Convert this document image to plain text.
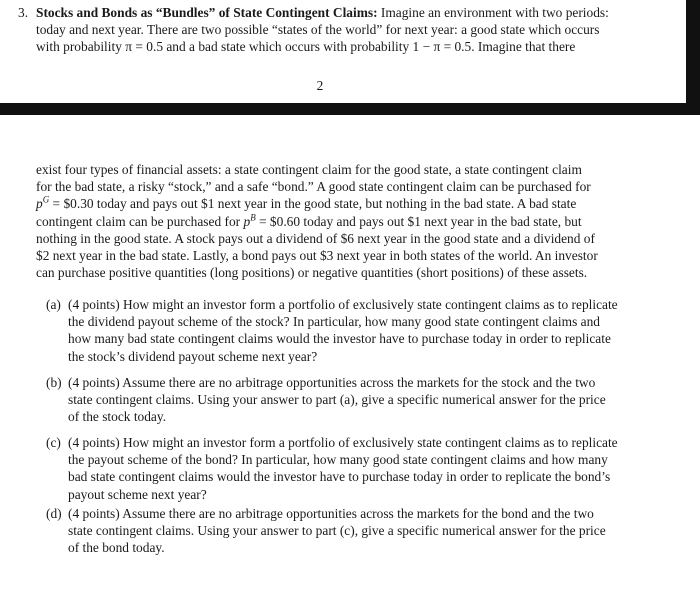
3. Stocks and Bonds as “Bundles” of State Contingent Claims: Imagine an environment with two periods:
today and next year. There are two possible “states of the world” for next year: a good state which occurs
with probability π = 0.5 and a bad state which occurs with probability 1 − π = 0.5. Imagine that there
2
exist four types of financial assets: a state contingent claim for the good state, a state contingent claim
for the bad state, a risky “stock,” and a safe “bond.” A good state contingent claim can be purchased for
$p^G$ = $0.30 today and pays out $1 next year in the good state, but nothing in the bad state. A bad state
contingent claim can be purchased for $p^B$ = $0.60 today and pays out $1 next year in the bad state, but
nothing in the good state. A stock pays out a dividend of $6 next year in the good state and a dividend of
$2 next year in the bad state. Lastly, a bond pays out $3 next year in both states of the world. An investor
can purchase positive quantities (long positions) or negative quantities (short positions) of these assets.
(a) (4 points) How might an investor form a portfolio of exclusively state contingent claims as to replicate
the dividend payout scheme of the stock? In particular, how many good state contingent claims and
how many bad state contingent claims would the investor have to purchase today in order to replicate
the stock’s dividend payout scheme next year?
(b) (4 points) Assume there are no arbitrage opportunities across the markets for the stock and the two
state contingent claims. Using your answer to part (a), give a specific numerical answer for the price
of the stock today.
(c) (4 points) How might an investor form a portfolio of exclusively state contingent claims as to replicate
the payout scheme of the bond? In particular, how many good state contingent claims and how many
bad state contingent claims would the investor have to purchase today in order to replicate the bond’s
payout scheme next year?
(d) (4 points) Assume there are no arbitrage opportunities across the markets for the bond and the two
state contingent claims. Using your answer to part (c), give a specific numerical answer for the price
of the bond today.
